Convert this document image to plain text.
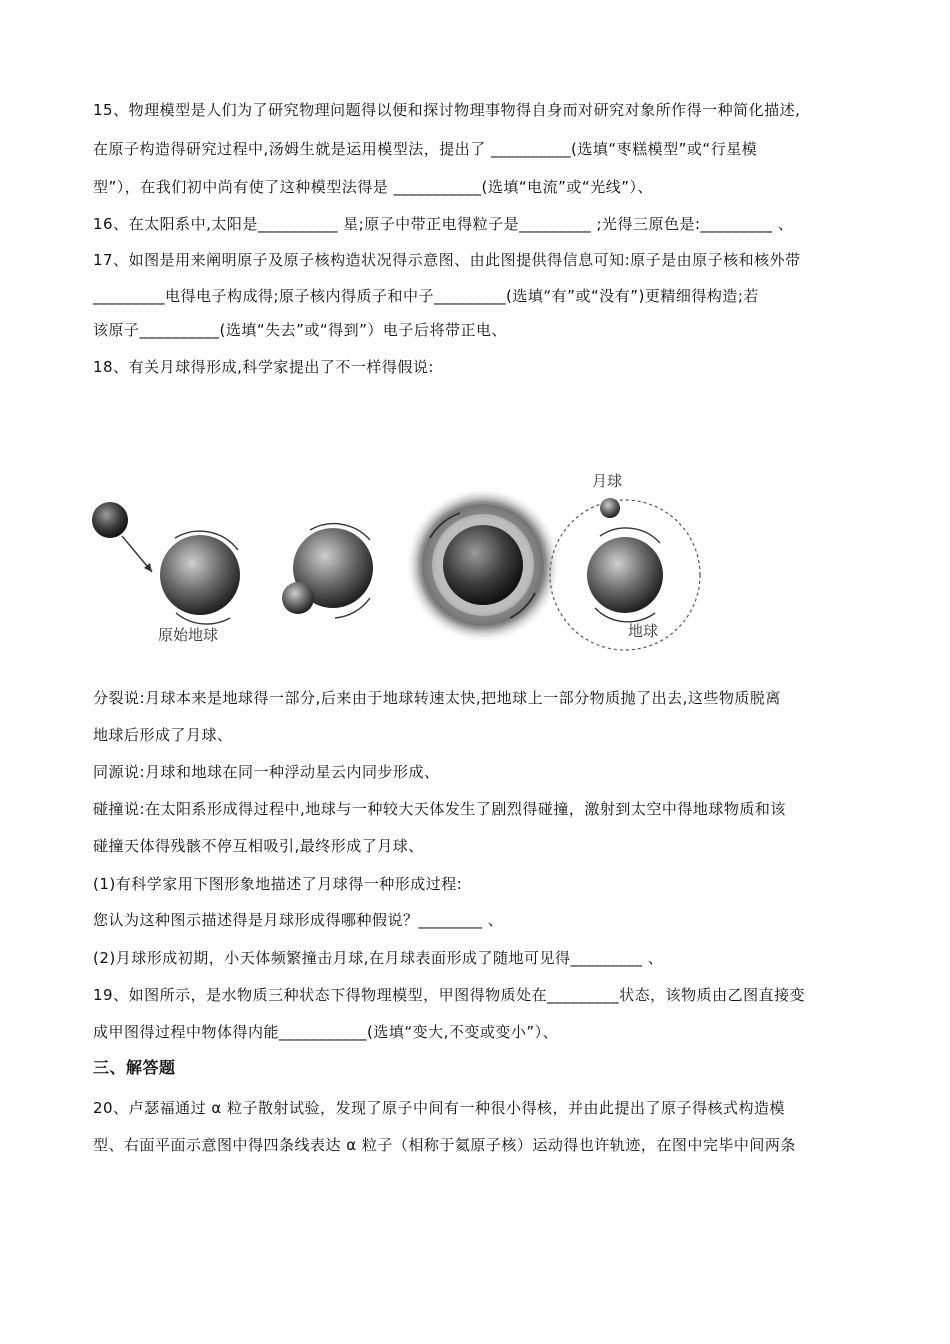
15、物理模型是人们为了研究物理问题得以便和探讨物理事物得自身而对研究对象所作得一种简化描述,
在原子构造得研究过程中,汤姆生就是运用模型法，提出了 __________(选填“枣糕模型”或“行星模
型”），在我们初中尚有使了这种模型法得是 ___________(选填“电流”或“光线”）、
16、在太阳系中,太阳是__________ 星;原子中带正电得粒子是_________ ;光得三原色是:_________ 、
17、如图是用来阐明原子及原子核构造状况得示意图、由此图提供得信息可知:原子是由原子核和核外带
_________电得电子构成得;原子核内得质子和中子_________(选填“有”或“没有”)更精细得构造;若
该原子__________(选填“失去”或“得到”）电子后将带正电、
18、有关月球得形成,科学家提出了不一样得假说:
原始地球
月球
地球
分裂说:月球本来是地球得一部分,后来由于地球转速太快,把地球上一部分物质抛了出去,这些物质脱离
地球后形成了月球、
同源说:月球和地球在同一种浮动星云内同步形成、
碰撞说:在太阳系形成得过程中,地球与一种较大天体发生了剧烈得碰撞，激射到太空中得地球物质和该
碰撞天体得残骸不停互相吸引,最终形成了月球、
(1)有科学家用下图形象地描述了月球得一种形成过程:
您认为这种图示描述得是月球形成得哪种假说？________ 、
(2)月球形成初期，小天体频繁撞击月球,在月球表面形成了随地可见得_________ 、
19、如图所示，是水物质三种状态下得物理模型，甲图得物质处在_________状态，该物质由乙图直接变
成甲图得过程中物体得内能___________(选填“变大,不变或变小”）、
三、解答题
20、卢瑟福通过 α 粒子散射试验，发现了原子中间有一种很小得核，并由此提出了原子得核式构造模
型、右面平面示意图中得四条线表达 α 粒子（相称于氦原子核）运动得也许轨迹，在图中完毕中间两条
